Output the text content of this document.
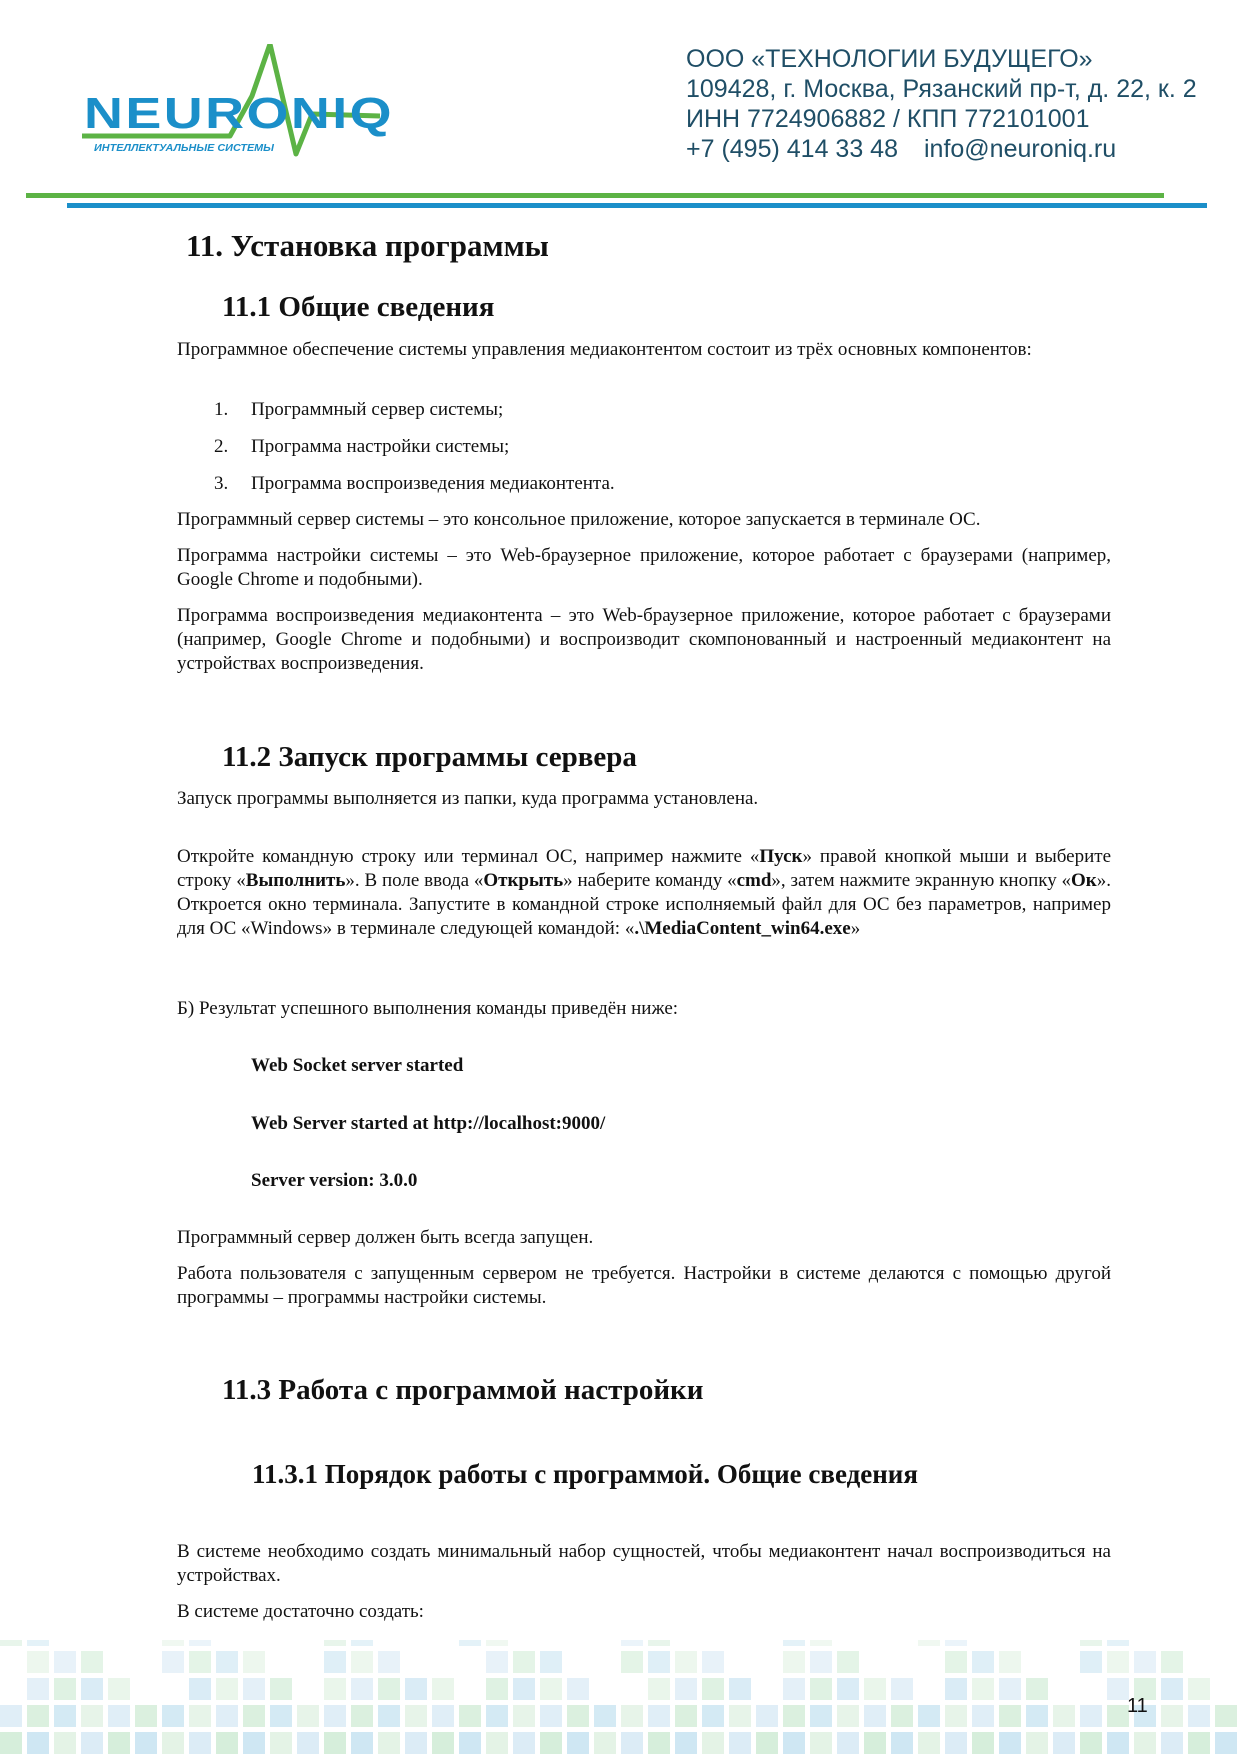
NEURONIQ
ИНТЕЛЛЕКТУАЛЬНЫЕ СИСТЕМЫ
ООО «ТЕХНОЛОГИИ БУДУЩЕГО»
109428, г. Москва, Рязанский пр-т, д. 22, к. 2
ИНН 7724906882 / КПП 772101001
+7 (495) 414 33 48 info@neuroniq.ru
11. Установка программы
11.1 Общие сведения

Программное обеспечение системы управления медиаконтентом состоит из трёх основных компонентов:

1. Программный сервер системы;
2. Программа настройки системы;
3. Программа воспроизведения медиаконтента.

Программный сервер системы – это консольное приложение, которое запускается в терминале ОС.

Программа настройки системы – это Web-браузерное приложение, которое работает с браузерами (например, Google Chrome и подобными).

Программа воспроизведения медиаконтента – это Web-браузерное приложение, которое работает с браузерами (например, Google Chrome и подобными) и воспроизводит скомпонованный и настроенный медиаконтент на устройствах воспроизведения.

11.2 Запуск программы сервера

Запуск программы выполняется из папки, куда программа установлена.

Откройте командную строку или терминал ОС, например нажмите «Пуск» правой кнопкой мыши и выберите строку «Выполнить». В поле ввода «Открыть» наберите команду «cmd», затем нажмите экранную кнопку «Ок». Откроется окно терминала. Запустите в командной строке исполняемый файл для ОС без параметров, например для ОС «Windows» в терминале следующей командой: «.\MediaContent_win64.exe»

Б) Результат успешного выполнения команды приведён ниже:

Web Socket server started
Web Server started at http://localhost:9000/
Server version: 3.0.0

Программный сервер должен быть всегда запущен.

Работа пользователя с запущенным сервером не требуется. Настройки в системе делаются с помощью другой программы – программы настройки системы.

11.3 Работа с программой настройки
11.3.1 Порядок работы с программой. Общие сведения

В системе необходимо создать минимальный набор сущностей, чтобы медиаконтент начал воспроизводиться на устройствах.

В системе достаточно создать:

11
